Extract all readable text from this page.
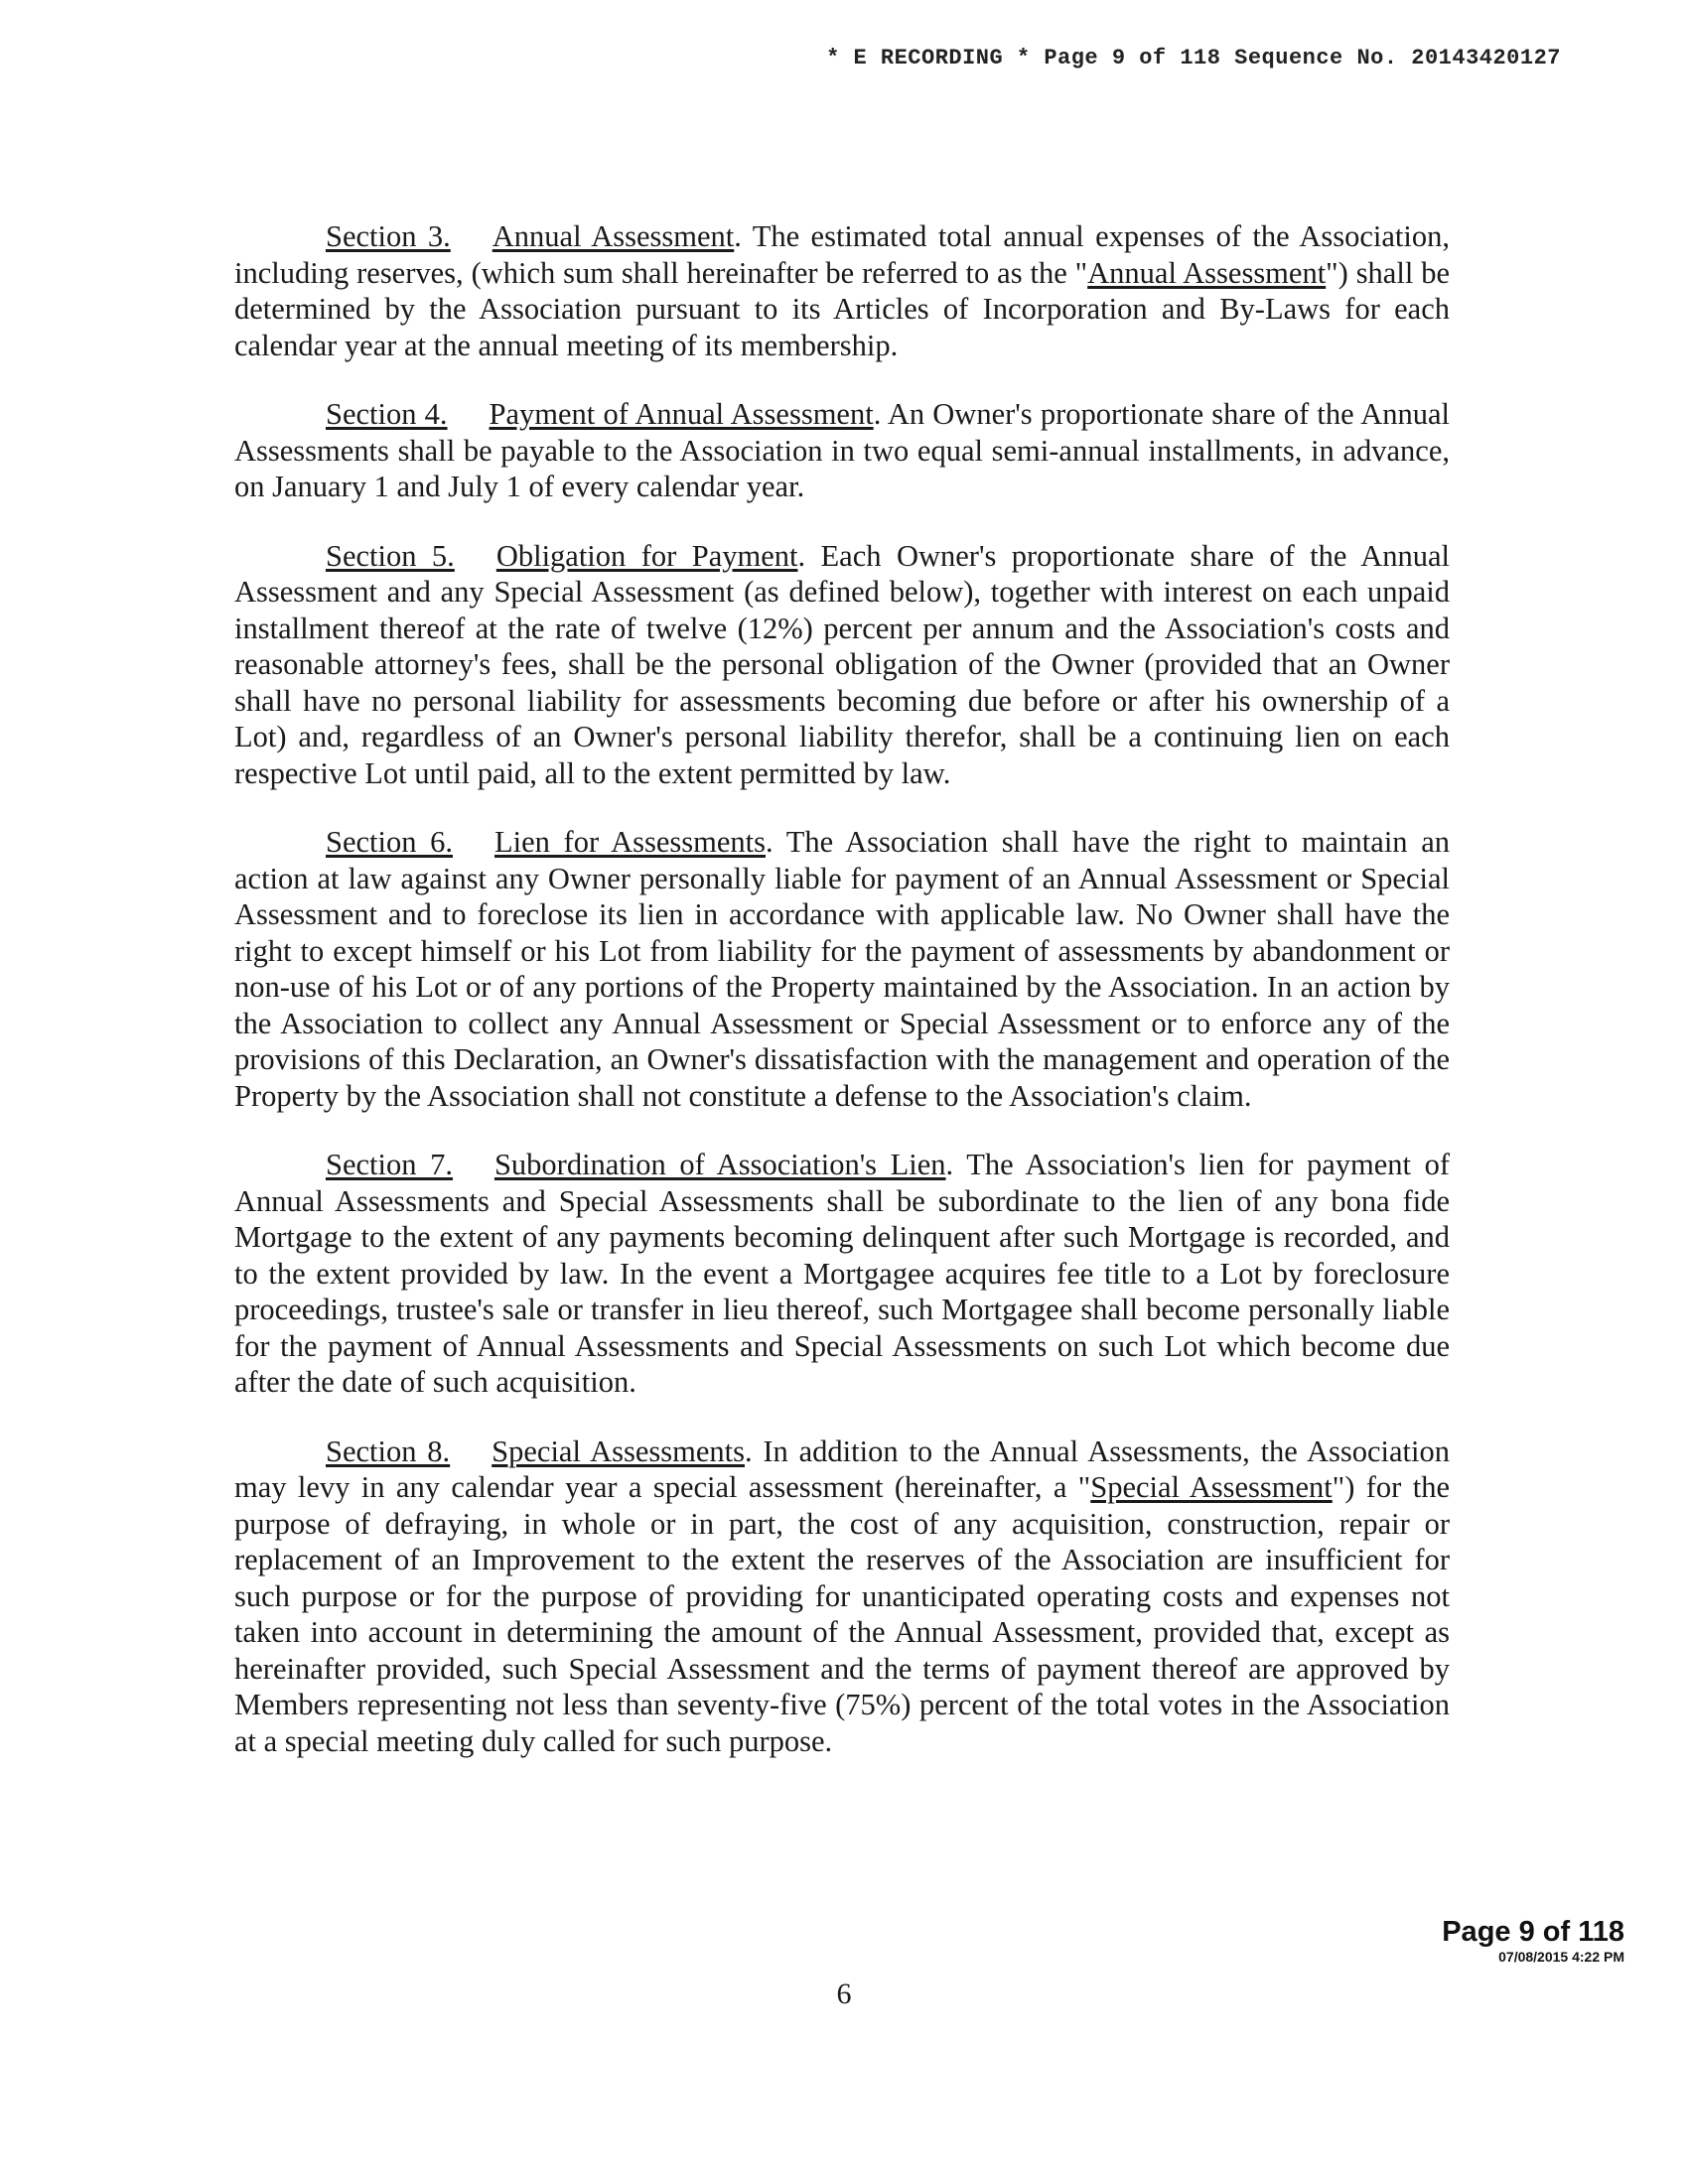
* E RECORDING * Page 9 of 118 Sequence No. 20143420127

Section 3. Annual Assessment. The estimated total annual expenses of the Association, including reserves, (which sum shall hereinafter be referred to as the "Annual Assessment") shall be determined by the Association pursuant to its Articles of Incorporation and By-Laws for each calendar year at the annual meeting of its membership.

Section 4. Payment of Annual Assessment. An Owner's proportionate share of the Annual Assessments shall be payable to the Association in two equal semi-annual installments, in advance, on January 1 and July 1 of every calendar year.

Section 5. Obligation for Payment. Each Owner's proportionate share of the Annual Assessment and any Special Assessment (as defined below), together with interest on each unpaid installment thereof at the rate of twelve (12%) percent per annum and the Association's costs and reasonable attorney's fees, shall be the personal obligation of the Owner (provided that an Owner shall have no personal liability for assessments becoming due before or after his ownership of a Lot) and, regardless of an Owner's personal liability therefor, shall be a continuing lien on each respective Lot until paid, all to the extent permitted by law.

Section 6. Lien for Assessments. The Association shall have the right to maintain an action at law against any Owner personally liable for payment of an Annual Assessment or Special Assessment and to foreclose its lien in accordance with applicable law. No Owner shall have the right to except himself or his Lot from liability for the payment of assessments by abandonment or non-use of his Lot or of any portions of the Property maintained by the Association. In an action by the Association to collect any Annual Assessment or Special Assessment or to enforce any of the provisions of this Declaration, an Owner's dissatisfaction with the management and operation of the Property by the Association shall not constitute a defense to the Association's claim.

Section 7. Subordination of Association's Lien. The Association's lien for payment of Annual Assessments and Special Assessments shall be subordinate to the lien of any bona fide Mortgage to the extent of any payments becoming delinquent after such Mortgage is recorded, and to the extent provided by law. In the event a Mortgagee acquires fee title to a Lot by foreclosure proceedings, trustee's sale or transfer in lieu thereof, such Mortgagee shall become personally liable for the payment of Annual Assessments and Special Assessments on such Lot which become due after the date of such acquisition.

Section 8. Special Assessments. In addition to the Annual Assessments, the Association may levy in any calendar year a special assessment (hereinafter, a "Special Assessment") for the purpose of defraying, in whole or in part, the cost of any acquisition, construction, repair or replacement of an Improvement to the extent the reserves of the Association are insufficient for such purpose or for the purpose of providing for unanticipated operating costs and expenses not taken into account in determining the amount of the Annual Assessment, provided that, except as hereinafter provided, such Special Assessment and the terms of payment thereof are approved by Members representing not less than seventy-five (75%) percent of the total votes in the Association at a special meeting duly called for such purpose.

Page 9 of 118
07/08/2015 4:22 PM
6
